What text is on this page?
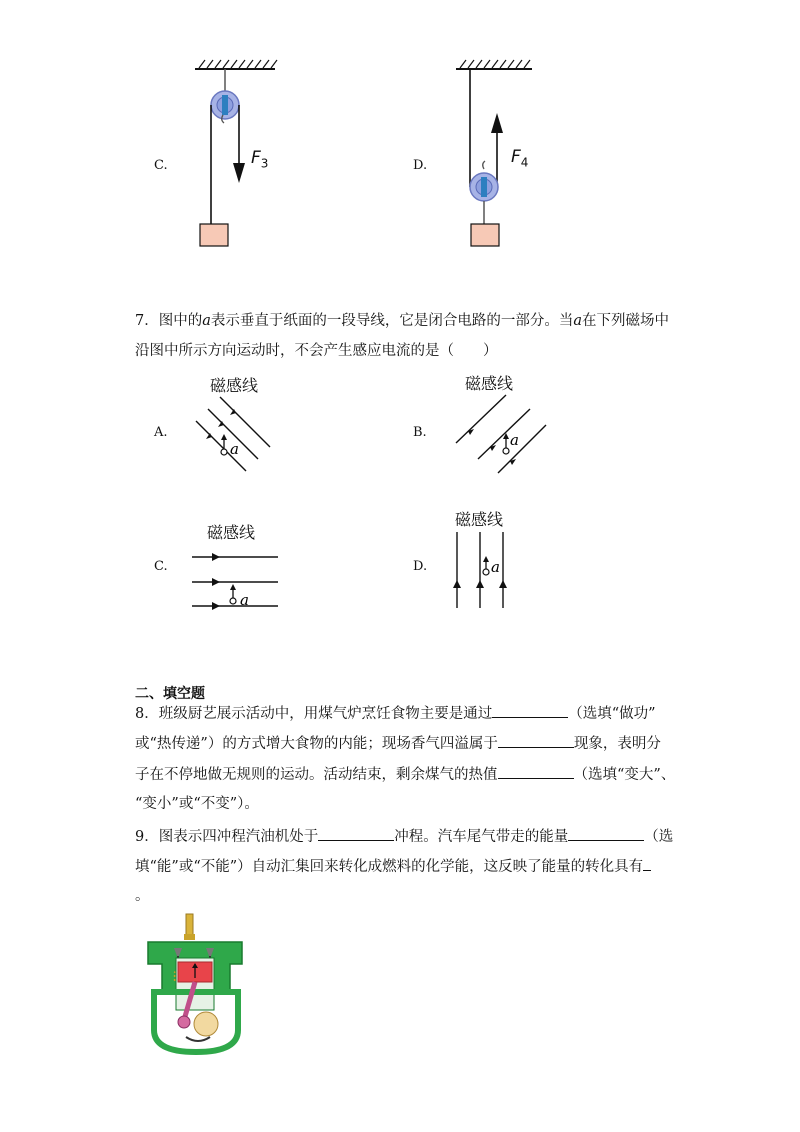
C.	$F_3$	D.	$F_4$
7．图中的a表示垂直于纸面的一段导线，它是闭合电路的一部分。当a在下列磁场中
沿图中所示方向运动时，不会产生感应电流的是（　　）
A.
磁感线
a
B.
磁感线
a
C.
磁感线
a
D.
磁感线
a
二、填空题
8．班级厨艺展示活动中，用煤气炉烹饪食物主要是通过	（选填“做功”
或“热传递”）的方式增大食物的内能；现场香气四溢属于	现象，表明分
子在不停地做无规则的运动。活动结束，剩余煤气的热值	（选填“变大”、
“变小”或“不变”）。
9．图表示四冲程汽油机处于	冲程。汽车尾气带走的能量	（选
填“能”或“不能”）自动汇集回来转化成燃料的化学能，这反映了能量的转化具有
。
